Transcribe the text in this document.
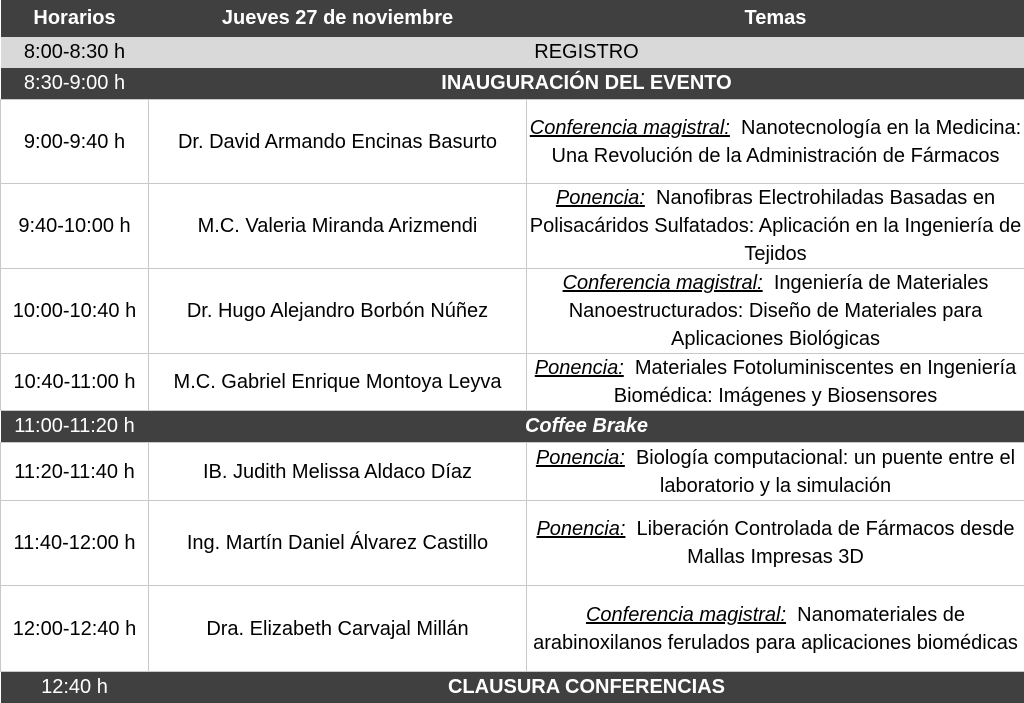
Horarios	Jueves 27 de noviembre	Temas
8:00-8:30 h	REGISTRO	
8:30-9:00 h	INAUGURACIÓN DEL EVENTO	
9:00-9:40 h	Dr. David Armando Encinas Basurto	Conferencia magistral: Nanotecnología en la Medicina: Una Revolución de la Administración de Fármacos
9:40-10:00 h	M.C. Valeria Miranda Arizmendi	Ponencia: Nanofibras Electrohiladas Basadas en Polisacáridos Sulfatados: Aplicación en la Ingeniería de Tejidos
10:00-10:40 h	Dr. Hugo Alejandro Borbón Núñez	Conferencia magistral: Ingeniería de Materiales Nanoestructurados: Diseño de Materiales para Aplicaciones Biológicas
10:40-11:00 h	M.C. Gabriel Enrique Montoya Leyva	Ponencia: Materiales Fotoluminiscentes en Ingeniería Biomédica: Imágenes y Biosensores
11:00-11:20 h	Coffee Brake	
11:20-11:40 h	IB. Judith Melissa Aldaco Díaz	Ponencia: Biología computacional: un puente entre el laboratorio y la simulación
11:40-12:00 h	Ing. Martín Daniel Álvarez Castillo	Ponencia: Liberación Controlada de Fármacos desde Mallas Impresas 3D
12:00-12:40 h	Dra. Elizabeth Carvajal Millán	Conferencia magistral: Nanomateriales de arabinoxilanos ferulados para aplicaciones biomédicas
12:40 h	CLAUSURA CONFERENCIAS	
